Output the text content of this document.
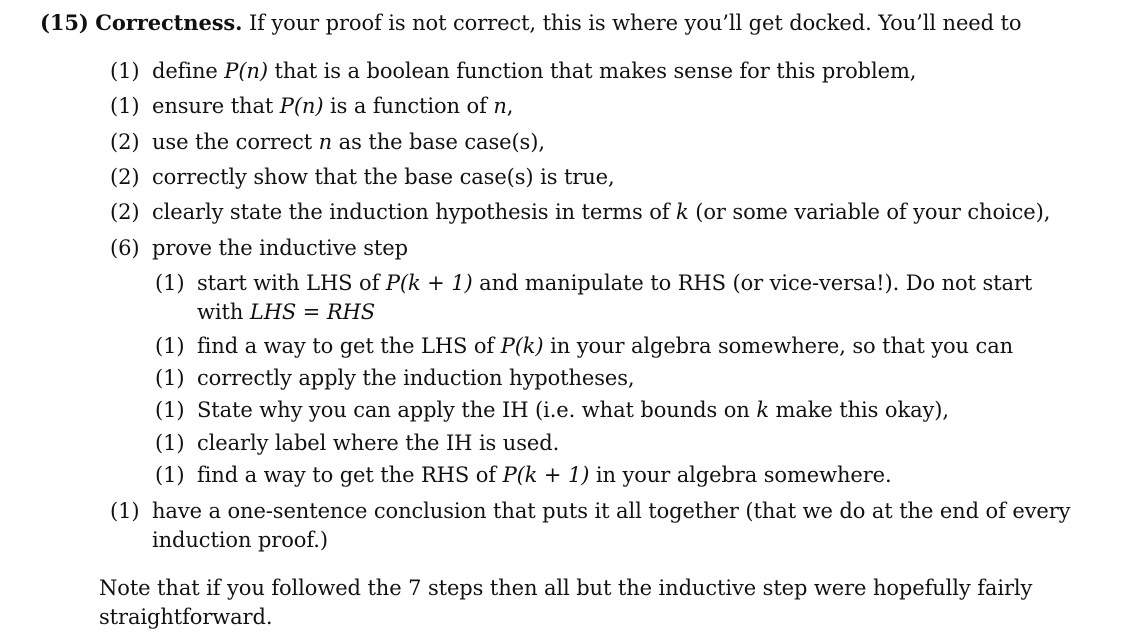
(15) Correctness. If your proof is not correct, this is where you’ll get docked. You’ll need to
(1) define P(n) that is a boolean function that makes sense for this problem,
(1) ensure that P(n) is a function of n,
(2) use the correct n as the base case(s),
(2) correctly show that the base case(s) is true,
(2) clearly state the induction hypothesis in terms of k (or some variable of your choice),
(6) prove the inductive step
(1) start with LHS of P(k + 1) and manipulate to RHS (or vice-versa!). Do not start
with LHS = RHS
(1) find a way to get the LHS of P(k) in your algebra somewhere, so that you can
(1) correctly apply the induction hypotheses,
(1) State why you can apply the IH (i.e. what bounds on k make this okay),
(1) clearly label where the IH is used.
(1) find a way to get the RHS of P(k + 1) in your algebra somewhere.
(1) have a one-sentence conclusion that puts it all together (that we do at the end of every
induction proof.)
Note that if you followed the 7 steps then all but the inductive step were hopefully fairly
straightforward.
